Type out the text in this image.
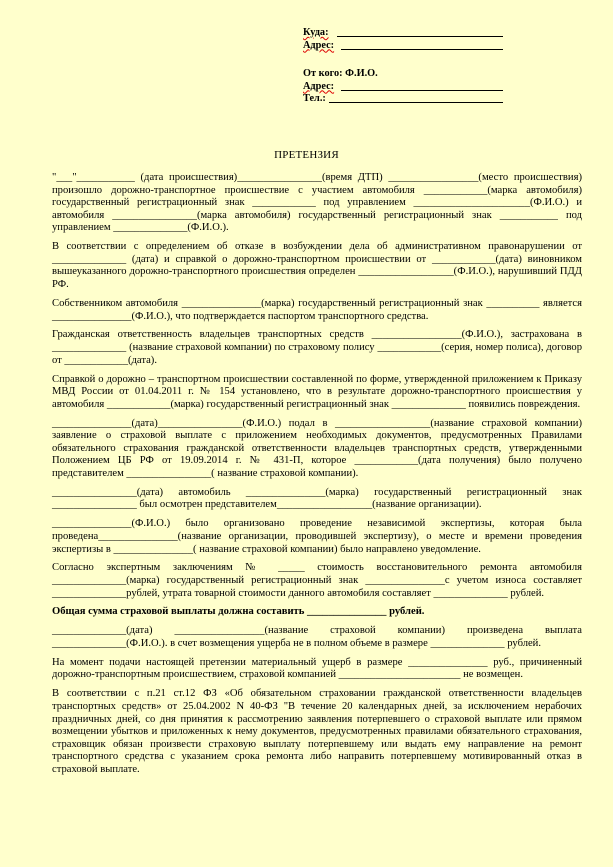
Куда:
Адрес:
От кого: Ф.И.О.
Адрес:
Тел.:
ПРЕТЕНЗИЯ

"___"___________ (дата происшествия)________________(время ДТП) _________________(место происшествия) произошло дорожно-транспортное происшествие с участием автомобиля ____________(марка автомобиля) государственный регистрационный знак ____________ под управлением ______________________(Ф.И.О.) и автомобиля ________________(марка автомобиля) государственный регистрационный знак ___________ под управлением ______________(Ф.И.О.).

В соответствии с определением об отказе в возбуждении дела об административном правонарушении от ______________ (дата) и справкой о дорожно-транспортном происшествии от ____________(дата) виновником вышеуказанного дорожно-транспортного происшествия определен __________________(Ф.И.О.), нарушивший ПДД РФ.

Собственником автомобиля _______________(марка) государственный регистрационный знак __________ является _______________(Ф.И.О.), что подтверждается паспортом транспортного средства.

Гражданская ответственность владельцев транспортных средств _________________(Ф.И.О.), застрахована в ______________ (название страховой компании) по страховому полису ____________(серия, номер полиса), договор от ____________(дата).

Справкой о дорожно – транспортном происшествии составленной по форме, утвержденной приложением к Приказу МВД России от 01.04.2011 г. № 154 установлено, что в результате дорожно-транспортного происшествия у автомобиля ____________(марка) государственный регистрационный знак ______________ появились повреждения.

_______________(дата)________________(Ф.И.О.) подал в __________________(название страховой компании) заявление о страховой выплате с приложением необходимых документов, предусмотренных Правилами обязательного страхования гражданской ответственности владельцев транспортных средств, утвержденными Положением ЦБ РФ от 19.09.2014 г. № 431-П, которое ____________(дата получения) было получено представителем ________________( название страховой компании).

________________(дата) автомобиль _______________(марка) государственный регистрационный знак ________________ был осмотрен представителем__________________(название организации).

_______________(Ф.И.О.) было организовано проведение независимой экспертизы, которая была проведена_______________(название организации, проводившей экспертизу), о месте и времени проведения экспертизы в _______________( название страховой компании) было направлено уведомление.

Согласно экспертным заключениям № _____ стоимость восстановительного ремонта автомобиля ______________(марка) государственный регистрационный знак _______________с учетом износа составляет ______________рублей, утрата товарной стоимости данного автомобиля составляет ______________ рублей.

Общая сумма страховой выплаты должна составить _______________ рублей.

______________(дата) _________________(название страховой компании) произведена выплата ______________(Ф.И.О.). в счет возмещения ущерба не в полном объеме в размере ______________ рублей.

На момент подачи настоящей претензии материальный ущерб в размере _______________ руб., причиненный дорожно-транспортным происшествием, страховой компанией _______________________ не возмещен.

В соответствии с п.21 ст.12 ФЗ «Об обязательном страховании гражданской ответственности владельцев транспортных средств» от 25.04.2002 N 40-ФЗ "В течение 20 календарных дней, за исключением нерабочих праздничных дней, со дня принятия к рассмотрению заявления потерпевшего о страховой выплате или прямом возмещении убытков и приложенных к нему документов, предусмотренных правилами обязательного страхования, страховщик обязан произвести страховую выплату потерпевшему или выдать ему направление на ремонт транспортного средства с указанием срока ремонта либо направить потерпевшему мотивированный отказ в страховой выплате.
